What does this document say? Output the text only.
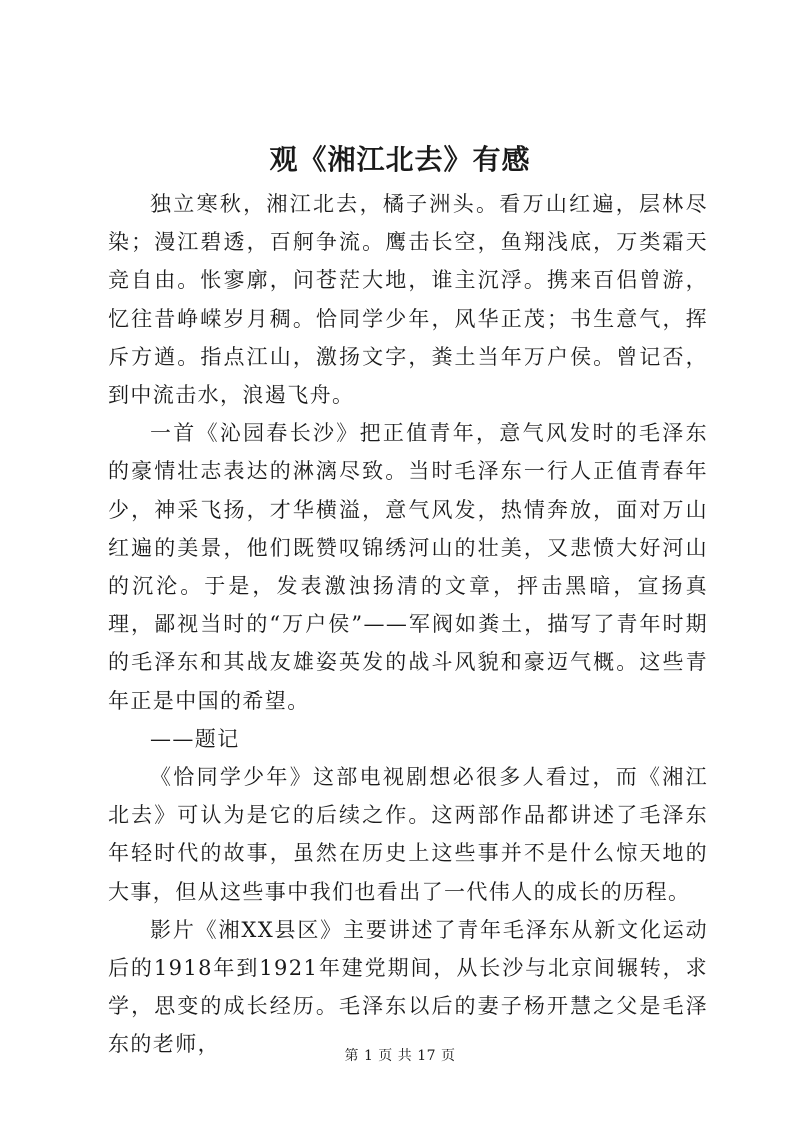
观《湘江北去》有感

独立寒秋，湘江北去，橘子洲头。看万山红遍，层林尽染；漫江碧透，百舸争流。鹰击长空，鱼翔浅底，万类霜天竞自由。怅寥廓，问苍茫大地，谁主沉浮。携来百侣曾游，忆往昔峥嵘岁月稠。恰同学少年，风华正茂；书生意气，挥斥方遒。指点江山，激扬文字，粪土当年万户侯。曾记否，到中流击水，浪遏飞舟。

一首《沁园春长沙》把正值青年，意气风发时的毛泽东的豪情壮志表达的淋漓尽致。当时毛泽东一行人正值青春年少，神采飞扬，才华横溢，意气风发，热情奔放，面对万山红遍的美景，他们既赞叹锦绣河山的壮美，又悲愤大好河山的沉沦。于是，发表激浊扬清的文章，抨击黑暗，宣扬真理，鄙视当时的“万户侯”——军阀如粪土，描写了青年时期的毛泽东和其战友雄姿英发的战斗风貌和豪迈气概。这些青年正是中国的希望。

——题记

《恰同学少年》这部电视剧想必很多人看过，而《湘江北去》可认为是它的后续之作。这两部作品都讲述了毛泽东年轻时代的故事，虽然在历史上这些事并不是什么惊天地的大事，但从这些事中我们也看出了一代伟人的成长的历程。

影片《湘XX县区》主要讲述了青年毛泽东从新文化运动后的1918年到1921年建党期间，从长沙与北京间辗转，求学，思变的成长经历。毛泽东以后的妻子杨开慧之父是毛泽东的老师，	第 1 页 共 17 页
